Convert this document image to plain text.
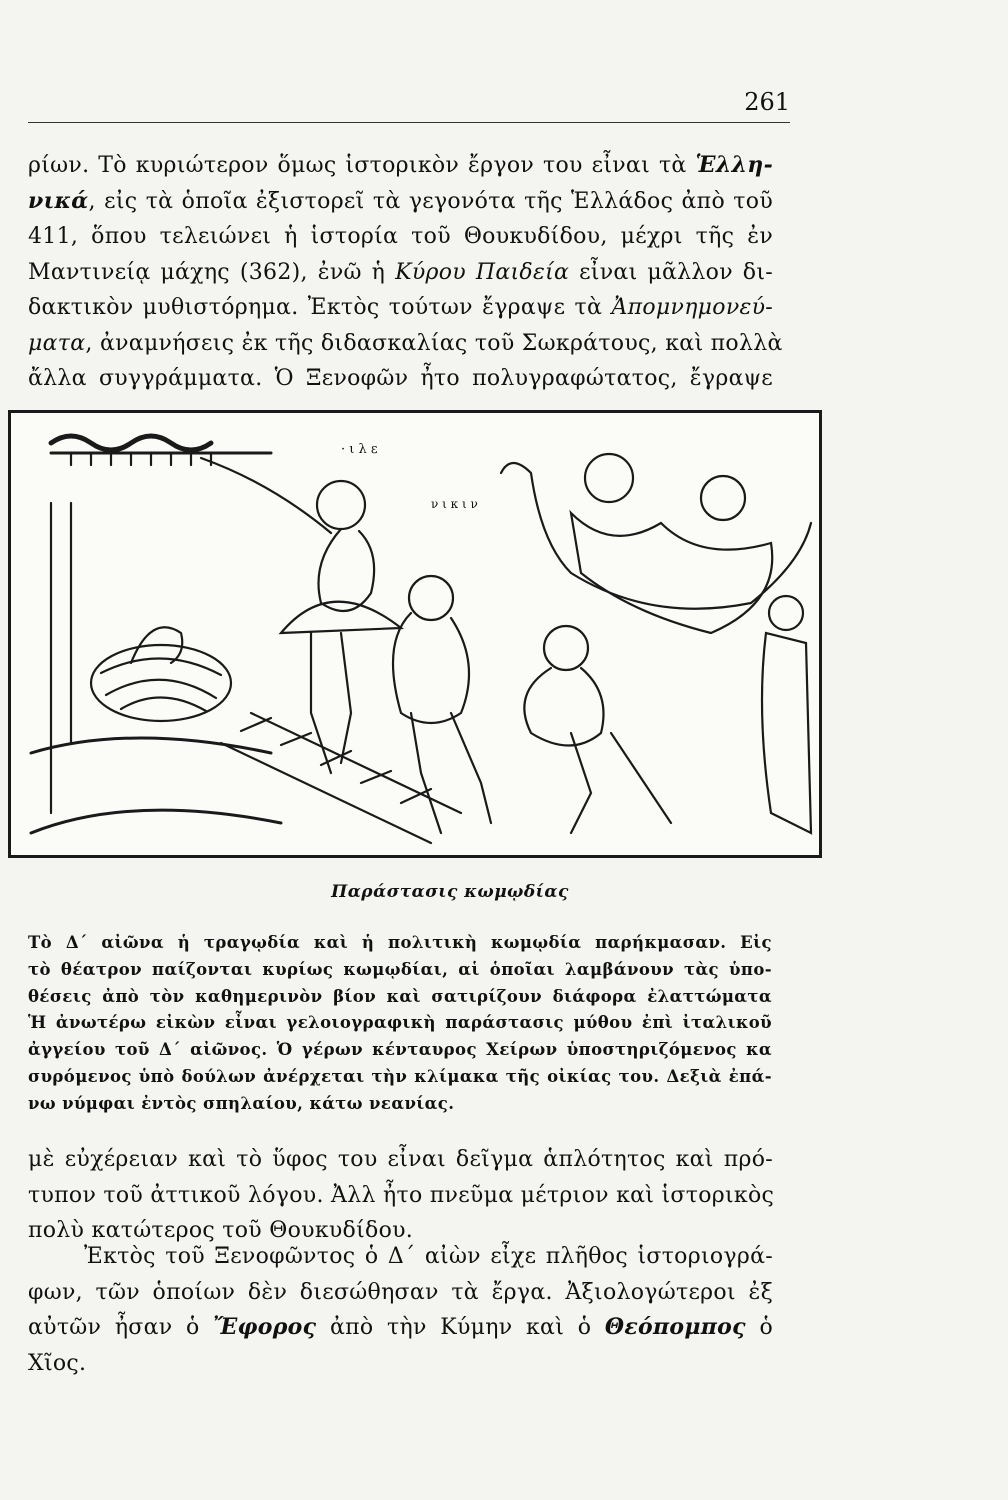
261
ρίων. Τὸ κυριώτερον ὅμως ἱστορικὸν ἔργον του εἶναι τὰ Ἑλλη-
νικά, εἰς τὰ ὁποῖα ἐξιστορεῖ τὰ γεγονότα τῆς Ἑλλάδος ἀπὸ τοῦ
411, ὅπου τελειώνει ἡ ἱστορία τοῦ Θουκυδίδου, μέχρι τῆς ἐν
Μαντινείᾳ μάχης (362), ἐνῶ ἡ Κύρου Παιδεία εἶναι μᾶλλον δι-
δακτικὸν μυθιστόρημα. Ἐκτὸς τούτων ἔγραψε τὰ Ἀπομνημονεύ-
ματα, ἀναμνήσεις ἐκ τῆς διδασκαλίας τοῦ Σωκράτους, καὶ πολλὰ
ἄλλα συγγράμματα. Ὁ Ξενοφῶν ἦτο πολυγραφώτατος, ἔγραψε
· ι λ ε
ν ι κ ι ν
Παράστασις κωμῳδίας
Τὸ Δ΄ αἰῶνα ἡ τραγῳδία καὶ ἡ πολιτικὴ κωμῳδία παρήκμασαν. Εἰς
τὸ θέατρον παίζονται κυρίως κωμῳδίαι, αἱ ὁποῖαι λαμβάνουν τὰς ὑπο-
θέσεις ἀπὸ τὸν καθημερινὸν βίον καὶ σατιρίζουν διάφορα ἐλαττώματα
Ἡ ἀνωτέρω εἰκὼν εἶναι γελοιογραφικὴ παράστασις μύθου ἐπὶ ἰταλικοῦ
ἀγγείου τοῦ Δ΄ αἰῶνος. Ὁ γέρων κένταυρος Χείρων ὑποστηριζόμενος κα
συρόμενος ὑπὸ δούλων ἀνέρχεται τὴν κλίμακα τῆς οἰκίας του. Δεξιὰ ἐπά-
νω νύμφαι ἐντὸς σπηλαίου, κάτω νεανίας.
μὲ εὐχέρειαν καὶ τὸ ὕφος του εἶναι δεῖγμα ἁπλότητος καὶ πρό-
τυπον τοῦ ἀττικοῦ λόγου. Ἀλλ ἦτο πνεῦμα μέτριον καὶ ἱστορικὸς
πολὺ κατώτερος τοῦ Θουκυδίδου.
Ἐκτὸς τοῦ Ξενοφῶντος ὁ Δ΄ αἰὼν εἶχε πλῆθος ἱστοριογρά-
φων, τῶν ὁποίων δὲν διεσώθησαν τὰ ἔργα. Ἀξιολογώτεροι ἐξ
αὐτῶν ἦσαν ὁ Ἔφορος ἀπὸ τὴν Κύμην καὶ ὁ Θεόπομπος ὁ
Χῖος.
